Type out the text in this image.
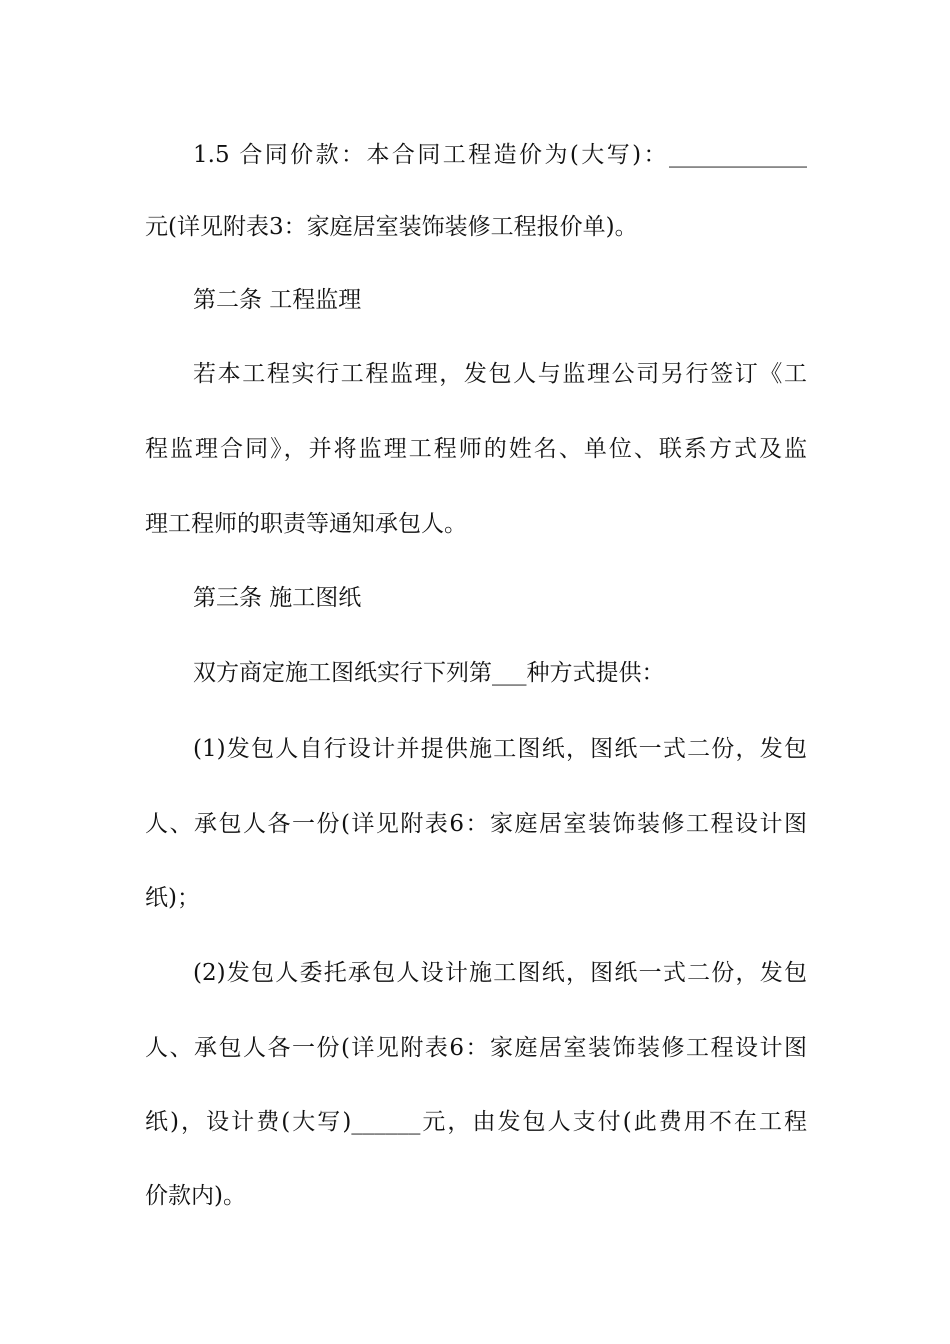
1.5 合同价款：本合同工程造价为(大写)：____________
元(详见附表3：家庭居室装饰装修工程报价单)。
第二条 工程监理
若本工程实行工程监理，发包人与监理公司另行签订《工
程监理合同》，并将监理工程师的姓名、单位、联系方式及监
理工程师的职责等通知承包人。
第三条 施工图纸
双方商定施工图纸实行下列第___种方式提供：
(1)发包人自行设计并提供施工图纸，图纸一式二份，发包
人、承包人各一份(详见附表6：家庭居室装饰装修工程设计图
纸)；
(2)发包人委托承包人设计施工图纸，图纸一式二份，发包
人、承包人各一份(详见附表6：家庭居室装饰装修工程设计图
纸)，设计费(大写)______元，由发包人支付(此费用不在工程
价款内)。
